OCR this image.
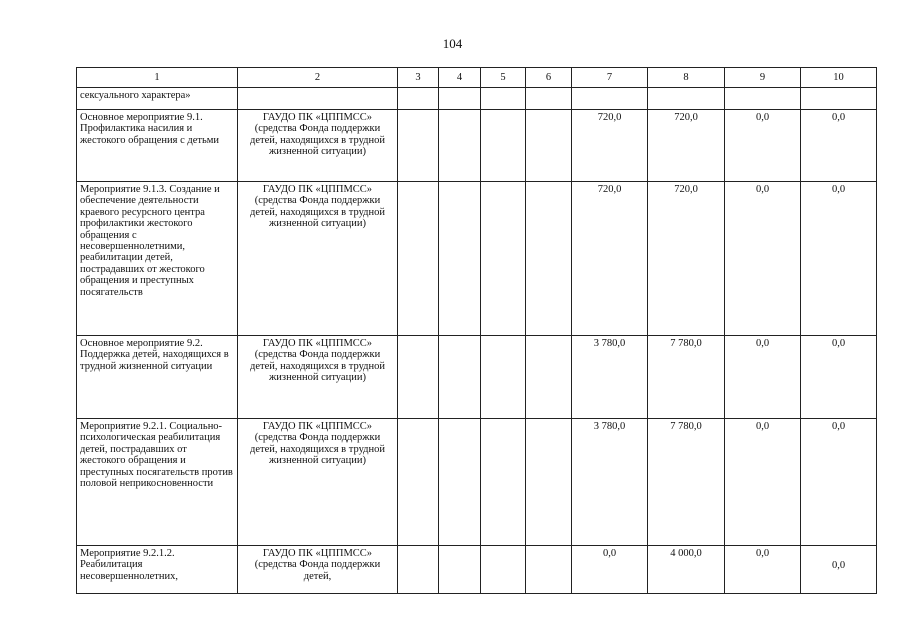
104
1	2	3	4	5	6	7	8	9	10
сексуального характера»									
Основное мероприятие 9.1. Профилактика насилия и жестокого обращения с детьми	ГАУДО ПК «ЦППМСС» (средства Фонда поддержки детей, находящихся в трудной жизненной ситуации)					720,0	720,0	0,0	0,0
Мероприятие 9.1.3. Создание и обеспечение деятельности краевого ресурсного центра профилактики жестокого обращения с несовершеннолетними, реабилитации детей, пострадавших от жестокого обращения и преступных посягательств	ГАУДО ПК «ЦППМСС» (средства Фонда поддержки детей, находящихся в трудной жизненной ситуации)					720,0	720,0	0,0	0,0
Основное мероприятие 9.2. Поддержка детей, находящихся в трудной жизненной ситуации	ГАУДО ПК «ЦППМСС» (средства Фонда поддержки детей, находящихся в трудной жизненной ситуации)					3 780,0	7 780,0	0,0	0,0
Мероприятие 9.2.1. Социально-психологическая реабилитация детей, пострадавших от жестокого обращения и преступных посягательств против половой неприкосновенности	ГАУДО ПК «ЦППМСС» (средства Фонда поддержки детей, находящихся в трудной жизненной ситуации)					3 780,0	7 780,0	0,0	0,0
Мероприятие 9.2.1.2. Реабилитация несовершеннолетних,	ГАУДО ПК «ЦППМСС» (средства Фонда поддержки детей,					0,0	4 000,0	0,0	0,0
